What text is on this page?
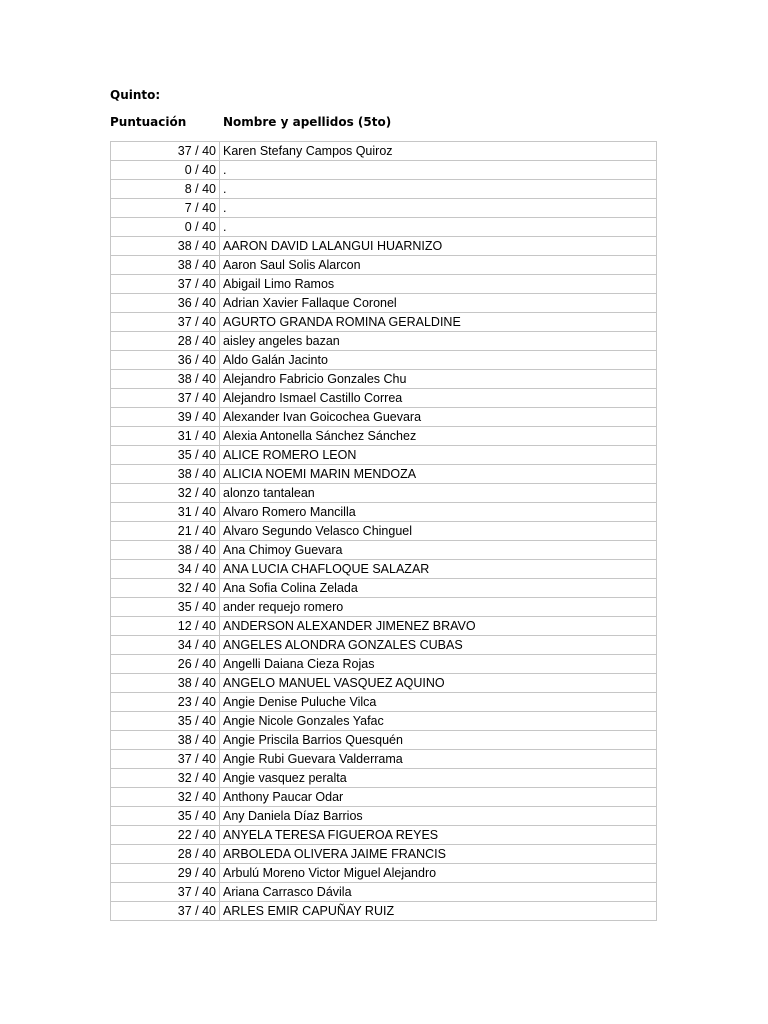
Quinto:
Puntuación	Nombre y apellidos (5to)
37 / 40	Karen Stefany Campos Quiroz
0 / 40	.
8 / 40	.
7 / 40	.
0 / 40	.
38 / 40	AARON DAVID LALANGUI HUARNIZO
38 / 40	Aaron Saul Solis Alarcon
37 / 40	Abigail Limo Ramos
36 / 40	Adrian Xavier Fallaque Coronel
37 / 40	AGURTO GRANDA ROMINA GERALDINE
28 / 40	aisley angeles bazan
36 / 40	Aldo Galán Jacinto
38 / 40	Alejandro Fabricio Gonzales Chu
37 / 40	Alejandro Ismael Castillo Correa
39 / 40	Alexander Ivan Goicochea Guevara
31 / 40	Alexia Antonella Sánchez Sánchez
35 / 40	ALICE ROMERO LEON
38 / 40	ALICIA NOEMI MARIN MENDOZA
32 / 40	alonzo tantalean
31 / 40	Alvaro Romero Mancilla
21 / 40	Alvaro Segundo Velasco Chinguel
38 / 40	Ana Chimoy Guevara
34 / 40	ANA LUCIA CHAFLOQUE SALAZAR
32 / 40	Ana Sofia Colina Zelada
35 / 40	ander requejo romero
12 / 40	ANDERSON ALEXANDER JIMENEZ BRAVO
34 / 40	ANGELES ALONDRA GONZALES CUBAS
26 / 40	Angelli Daiana Cieza Rojas
38 / 40	ANGELO MANUEL VASQUEZ AQUINO
23 / 40	Angie Denise Puluche Vilca
35 / 40	Angie Nicole Gonzales Yafac
38 / 40	Angie Priscila Barrios Quesquén
37 / 40	Angie Rubi Guevara Valderrama
32 / 40	Angie vasquez peralta
32 / 40	Anthony Paucar Odar
35 / 40	Any Daniela Díaz Barrios
22 / 40	ANYELA TERESA FIGUEROA REYES
28 / 40	ARBOLEDA OLIVERA JAIME FRANCIS
29 / 40	Arbulú Moreno Victor Miguel Alejandro
37 / 40	Ariana Carrasco Dávila
37 / 40	ARLES EMIR CAPUÑAY RUIZ
